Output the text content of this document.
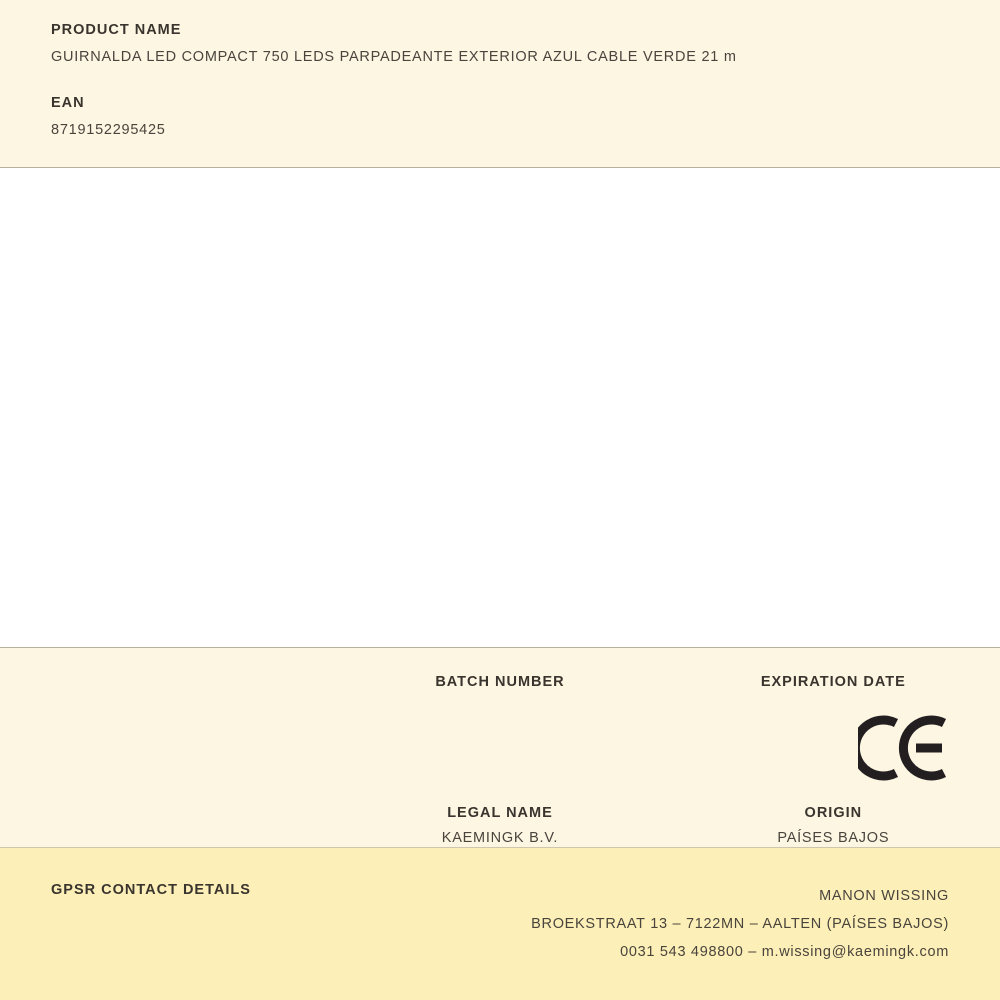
PRODUCT NAME
GUIRNALDA LED COMPACT 750 LEDS PARPADEANTE EXTERIOR AZUL CABLE VERDE 21 m
EAN
8719152295425
BATCH NUMBER	EXPIRATION DATE
LEGAL NAME
KAEMINGK B.V.
ORIGIN
PAÍSES BAJOS
GPSR CONTACT DETAILS	MANON WISSING
BROEKSTRAAT 13 – 7122MN – AALTEN (PAÍSES BAJOS)
0031 543 498800 – m.wissing@kaemingk.com
